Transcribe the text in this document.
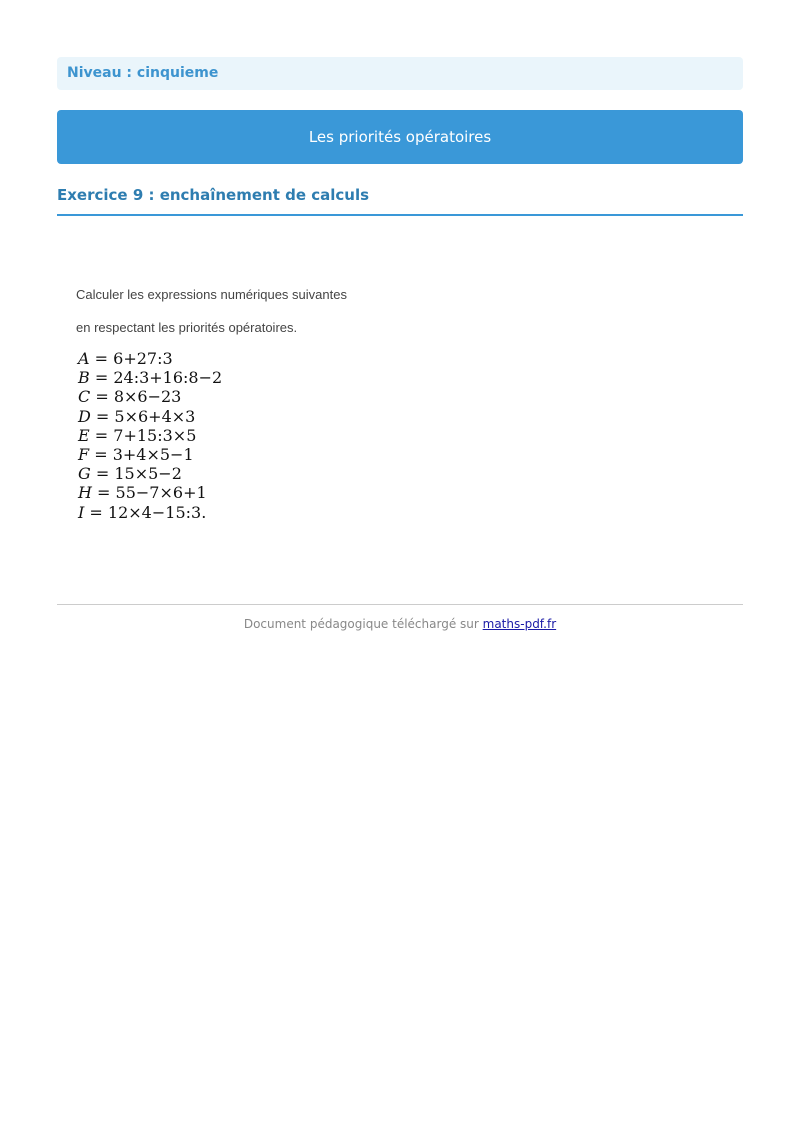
Niveau : cinquieme
Les priorités opératoires
Exercice 9 : enchaînement de calculs
Calculer les expressions numériques suivantes
en respectant les priorités opératoires.
A = 6+27:3
B = 24:3+16:8−2
C = 8×6−23
D = 5×6+4×3
E = 7+15:3×5
F = 3+4×5−1
G = 15×5−2
H = 55−7×6+1
I = 12×4−15:3.
Document pédagogique téléchargé sur maths-pdf.fr
